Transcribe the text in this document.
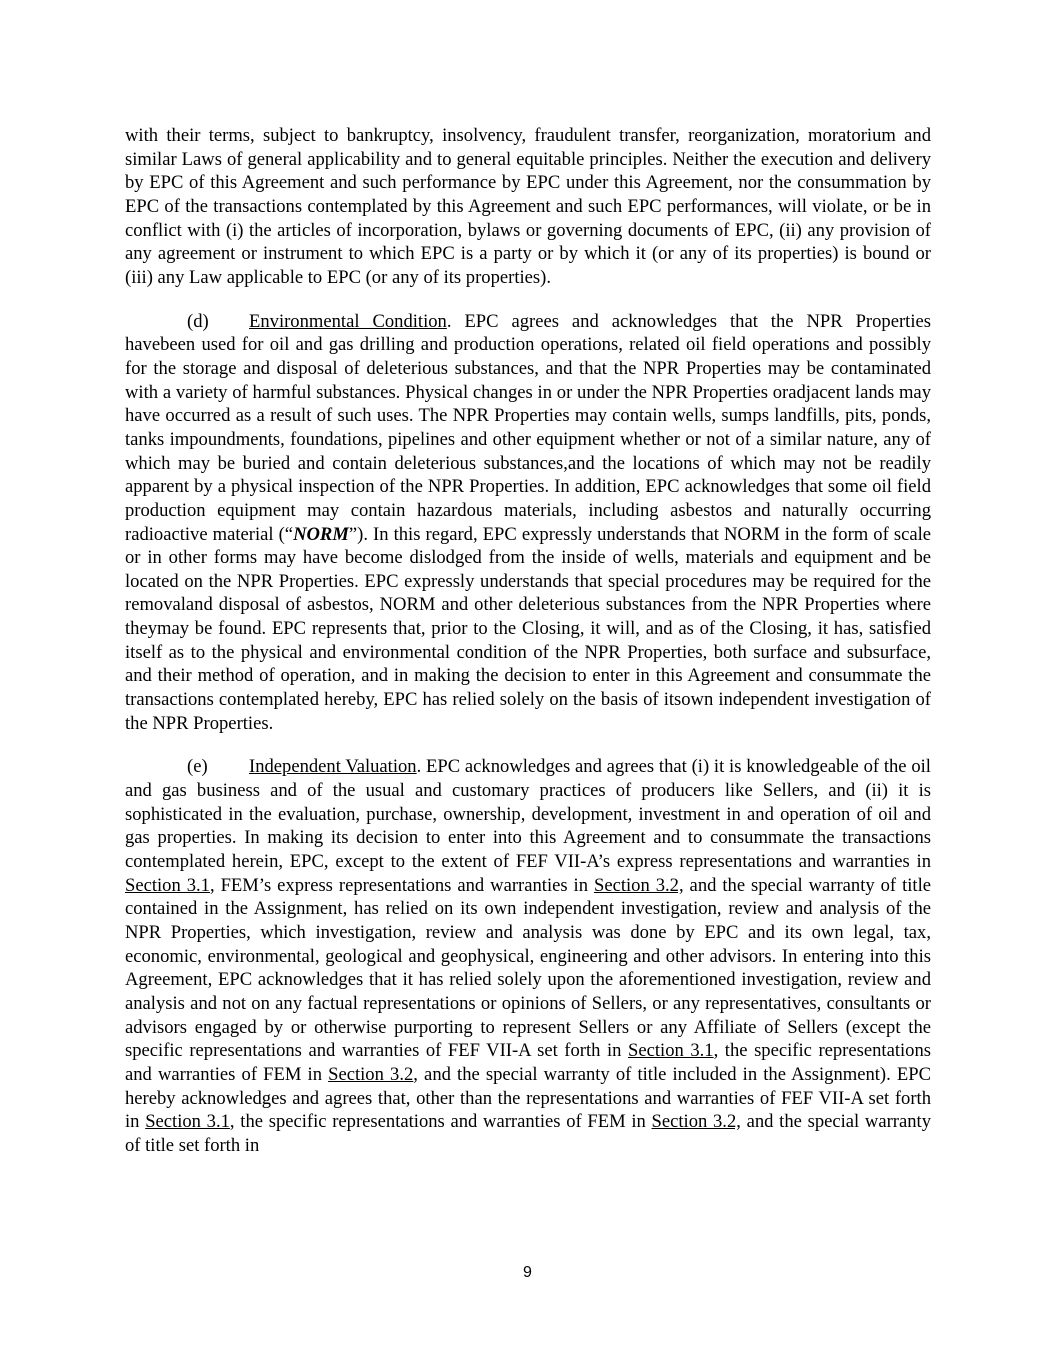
with their terms, subject to bankruptcy, insolvency, fraudulent transfer, reorganization, moratorium and similar Laws of general applicability and to general equitable principles. Neither the execution and delivery by EPC of this Agreement and such performance by EPC under this Agreement, nor the consummation by EPC of the transactions contemplated by this Agreement and such EPC performances, will violate, or be in conflict with (i) the articles of incorporation, bylaws or governing documents of EPC, (ii) any provision of any agreement or instrument to which EPC is a party or by which it (or any of its properties) is bound or (iii) any Law applicable to EPC (or any of its properties).

(d) Environmental Condition. EPC agrees and acknowledges that the NPR Properties havebeen used for oil and gas drilling and production operations, related oil field operations and possibly for the storage and disposal of deleterious substances, and that the NPR Properties may be contaminated with a variety of harmful substances. Physical changes in or under the NPR Properties oradjacent lands may have occurred as a result of such uses. The NPR Properties may contain wells, sumps landfills, pits, ponds, tanks impoundments, foundations, pipelines and other equipment whether or not of a similar nature, any of which may be buried and contain deleterious substances,and the locations of which may not be readily apparent by a physical inspection of the NPR Properties. In addition, EPC acknowledges that some oil field production equipment may contain hazardous materials, including asbestos and naturally occurring radioactive material (“NORM”). In this regard, EPC expressly understands that NORM in the form of scale or in other forms may have become dislodged from the inside of wells, materials and equipment and be located on the NPR Properties. EPC expressly understands that special procedures may be required for the removaland disposal of asbestos, NORM and other deleterious substances from the NPR Properties where theymay be found. EPC represents that, prior to the Closing, it will, and as of the Closing, it has, satisfied itself as to the physical and environmental condition of the NPR Properties, both surface and subsurface, and their method of operation, and in making the decision to enter in this Agreement and consummate the transactions contemplated hereby, EPC has relied solely on the basis of itsown independent investigation of the NPR Properties.

(e) Independent Valuation. EPC acknowledges and agrees that (i) it is knowledgeable of the oil and gas business and of the usual and customary practices of producers like Sellers, and (ii) it is sophisticated in the evaluation, purchase, ownership, development, investment in and operation of oil and gas properties. In making its decision to enter into this Agreement and to consummate the transactions contemplated herein, EPC, except to the extent of FEF VII-A’s express representations and warranties in Section 3.1, FEM’s express representations and warranties in Section 3.2, and the special warranty of title contained in the Assignment, has relied on its own independent investigation, review and analysis of the NPR Properties, which investigation, review and analysis was done by EPC and its own legal, tax, economic, environmental, geological and geophysical, engineering and other advisors. In entering into this Agreement, EPC acknowledges that it has relied solely upon the aforementioned investigation, review and analysis and not on any factual representations or opinions of Sellers, or any representatives, consultants or advisors engaged by or otherwise purporting to represent Sellers or any Affiliate of Sellers (except the specific representations and warranties of FEF VII-A set forth in Section 3.1, the specific representations and warranties of FEM in Section 3.2, and the special warranty of title included in the Assignment). EPC hereby acknowledges and agrees that, other than the representations and warranties of FEF VII-A set forth in Section 3.1, the specific representations and warranties of FEM in Section 3.2, and the special warranty of title set forth in

9
